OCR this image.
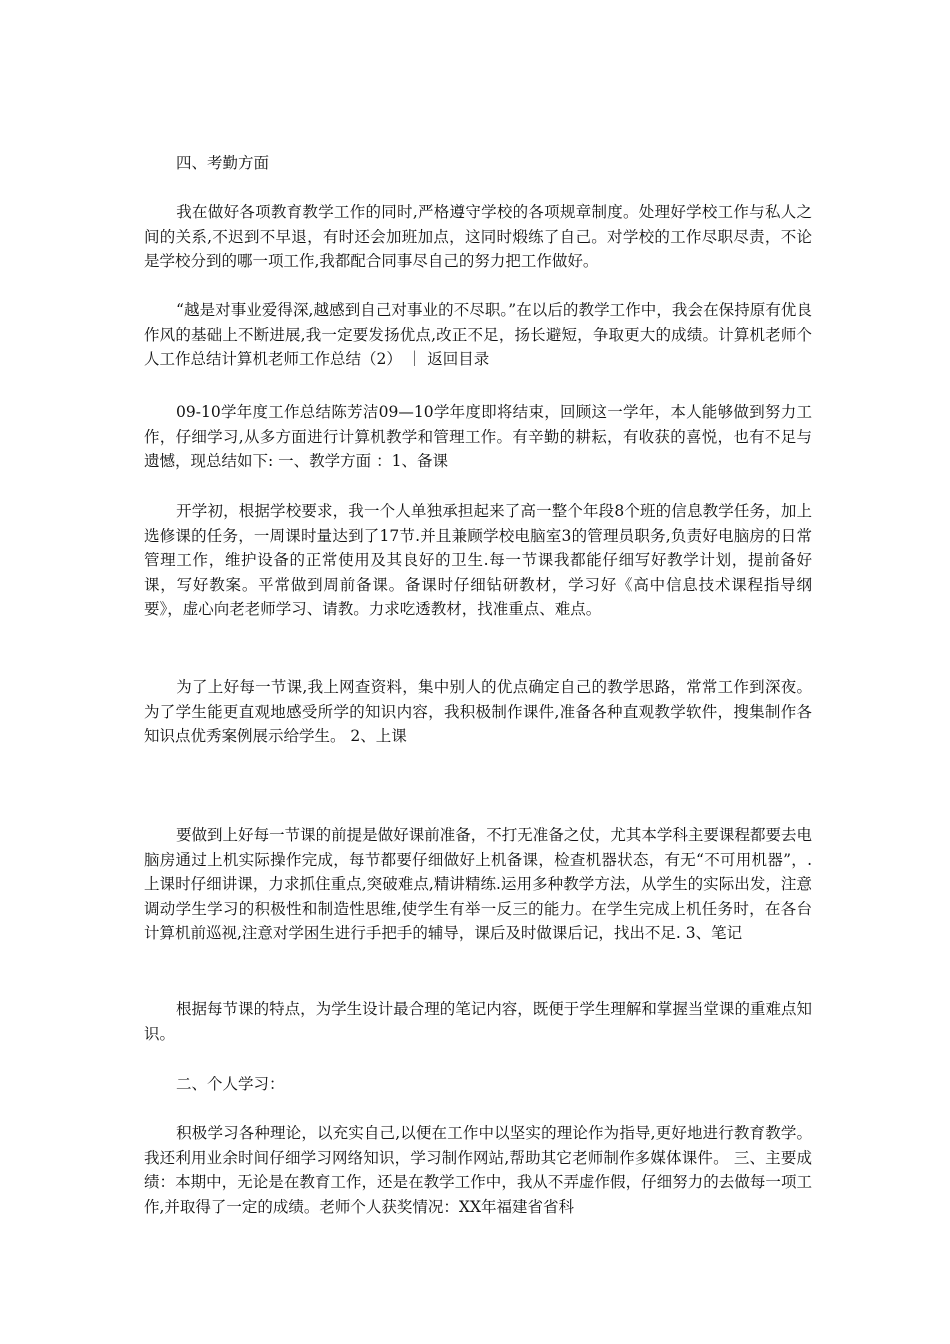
四、考勤方面

我在做好各项教育教学工作的同时,严格遵守学校的各项规章制度。处理好学校工作与私人之间的关系,不迟到不早退，有时还会加班加点，这同时煅练了自己。对学校的工作尽职尽责，不论是学校分到的哪一项工作,我都配合同事尽自己的努力把工作做好。

“越是对事业爱得深,越感到自己对事业的不尽职。”在以后的教学工作中，我会在保持原有优良作风的基础上不断进展,我一定要发扬优点,改正不足，扬长避短，争取更大的成绩。计算机老师个人工作总结计算机老师工作总结（2） ｜ 返回目录

09-10学年度工作总结陈芳洁09—10学年度即将结束，回顾这一学年，本人能够做到努力工作，仔细学习,从多方面进行计算机教学和管理工作。有辛勤的耕耘，有收获的喜悦，也有不足与遗憾，现总结如下: 一、教学方面 ：1、备课

开学初，根据学校要求，我一个人单独承担起来了高一整个年段8个班的信息教学任务，加上选修课的任务，一周课时量达到了17节.并且兼顾学校电脑室3的管理员职务,负责好电脑房的日常管理工作，维护设备的正常使用及其良好的卫生.每一节课我都能仔细写好教学计划，提前备好课，写好教案。平常做到周前备课。备课时仔细钻研教材，学习好《高中信息技术课程指导纲要》，虚心向老老师学习、请教。力求吃透教材，找准重点、难点。

为了上好每一节课,我上网查资料，集中别人的优点确定自己的教学思路，常常工作到深夜。为了学生能更直观地感受所学的知识内容，我积极制作课件,准备各种直观教学软件，搜集制作各知识点优秀案例展示给学生。 2、上课

要做到上好每一节课的前提是做好课前准备，不打无准备之仗，尤其本学科主要课程都要去电脑房通过上机实际操作完成，每节都要仔细做好上机备课，检查机器状态，有无“不可用机器”，.上课时仔细讲课，力求抓住重点,突破难点,精讲精练.运用多种教学方法，从学生的实际出发，注意调动学生学习的积极性和制造性思维,使学生有举一反三的能力。在学生完成上机任务时，在各台计算机前巡视,注意对学困生进行手把手的辅导，课后及时做课后记，找出不足. 3、笔记

根据每节课的特点，为学生设计最合理的笔记内容，既便于学生理解和掌握当堂课的重难点知识。

二、个人学习：

积极学习各种理论，以充实自己,以便在工作中以坚实的理论作为指导,更好地进行教育教学。我还利用业余时间仔细学习网络知识，学习制作网站,帮助其它老师制作多媒体课件。 三、主要成绩：本期中，无论是在教育工作，还是在教学工作中，我从不弄虚作假，仔细努力的去做每一项工作,并取得了一定的成绩。老师个人获奖情况：XX年福建省省科
